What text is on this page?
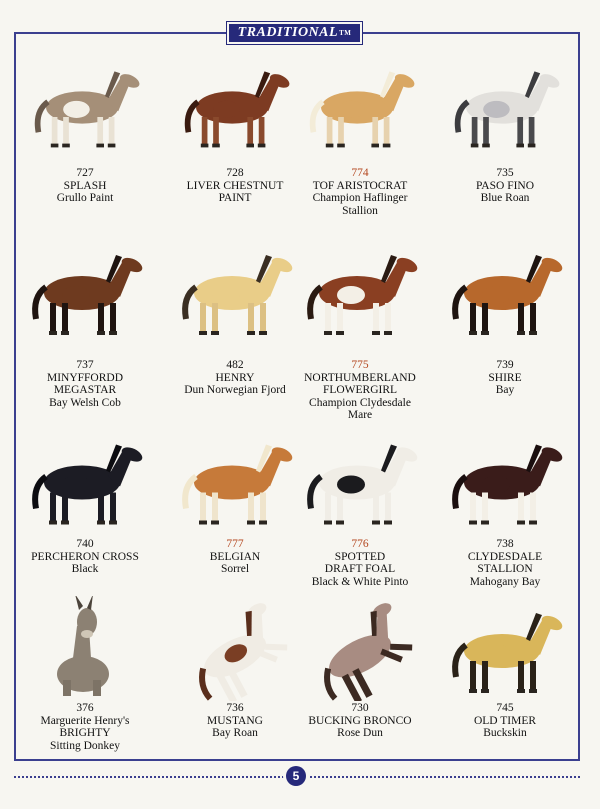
TRADITIONAL TM
5
727
SPLASH
Grullo Paint
728
LIVER CHESTNUT
PAINT
774
TOF ARISTOCRAT
Champion Haflinger
Stallion
735
PASO FINO
Blue Roan
737
MINYFFORDD
MEGASTAR
Bay Welsh Cob
482
HENRY
Dun Norwegian Fjord
775
NORTHUMBERLAND
FLOWERGIRL
Champion Clydesdale
Mare
739
SHIRE
Bay
740
PERCHERON CROSS
Black
777
BELGIAN
Sorrel
776
SPOTTED
DRAFT FOAL
Black & White Pinto
738
CLYDESDALE
STALLION
Mahogany Bay
376
Marguerite Henry's
BRIGHTY
Sitting Donkey
736
MUSTANG
Bay Roan
730
BUCKING BRONCO
Rose Dun
745
OLD TIMER
Buckskin
